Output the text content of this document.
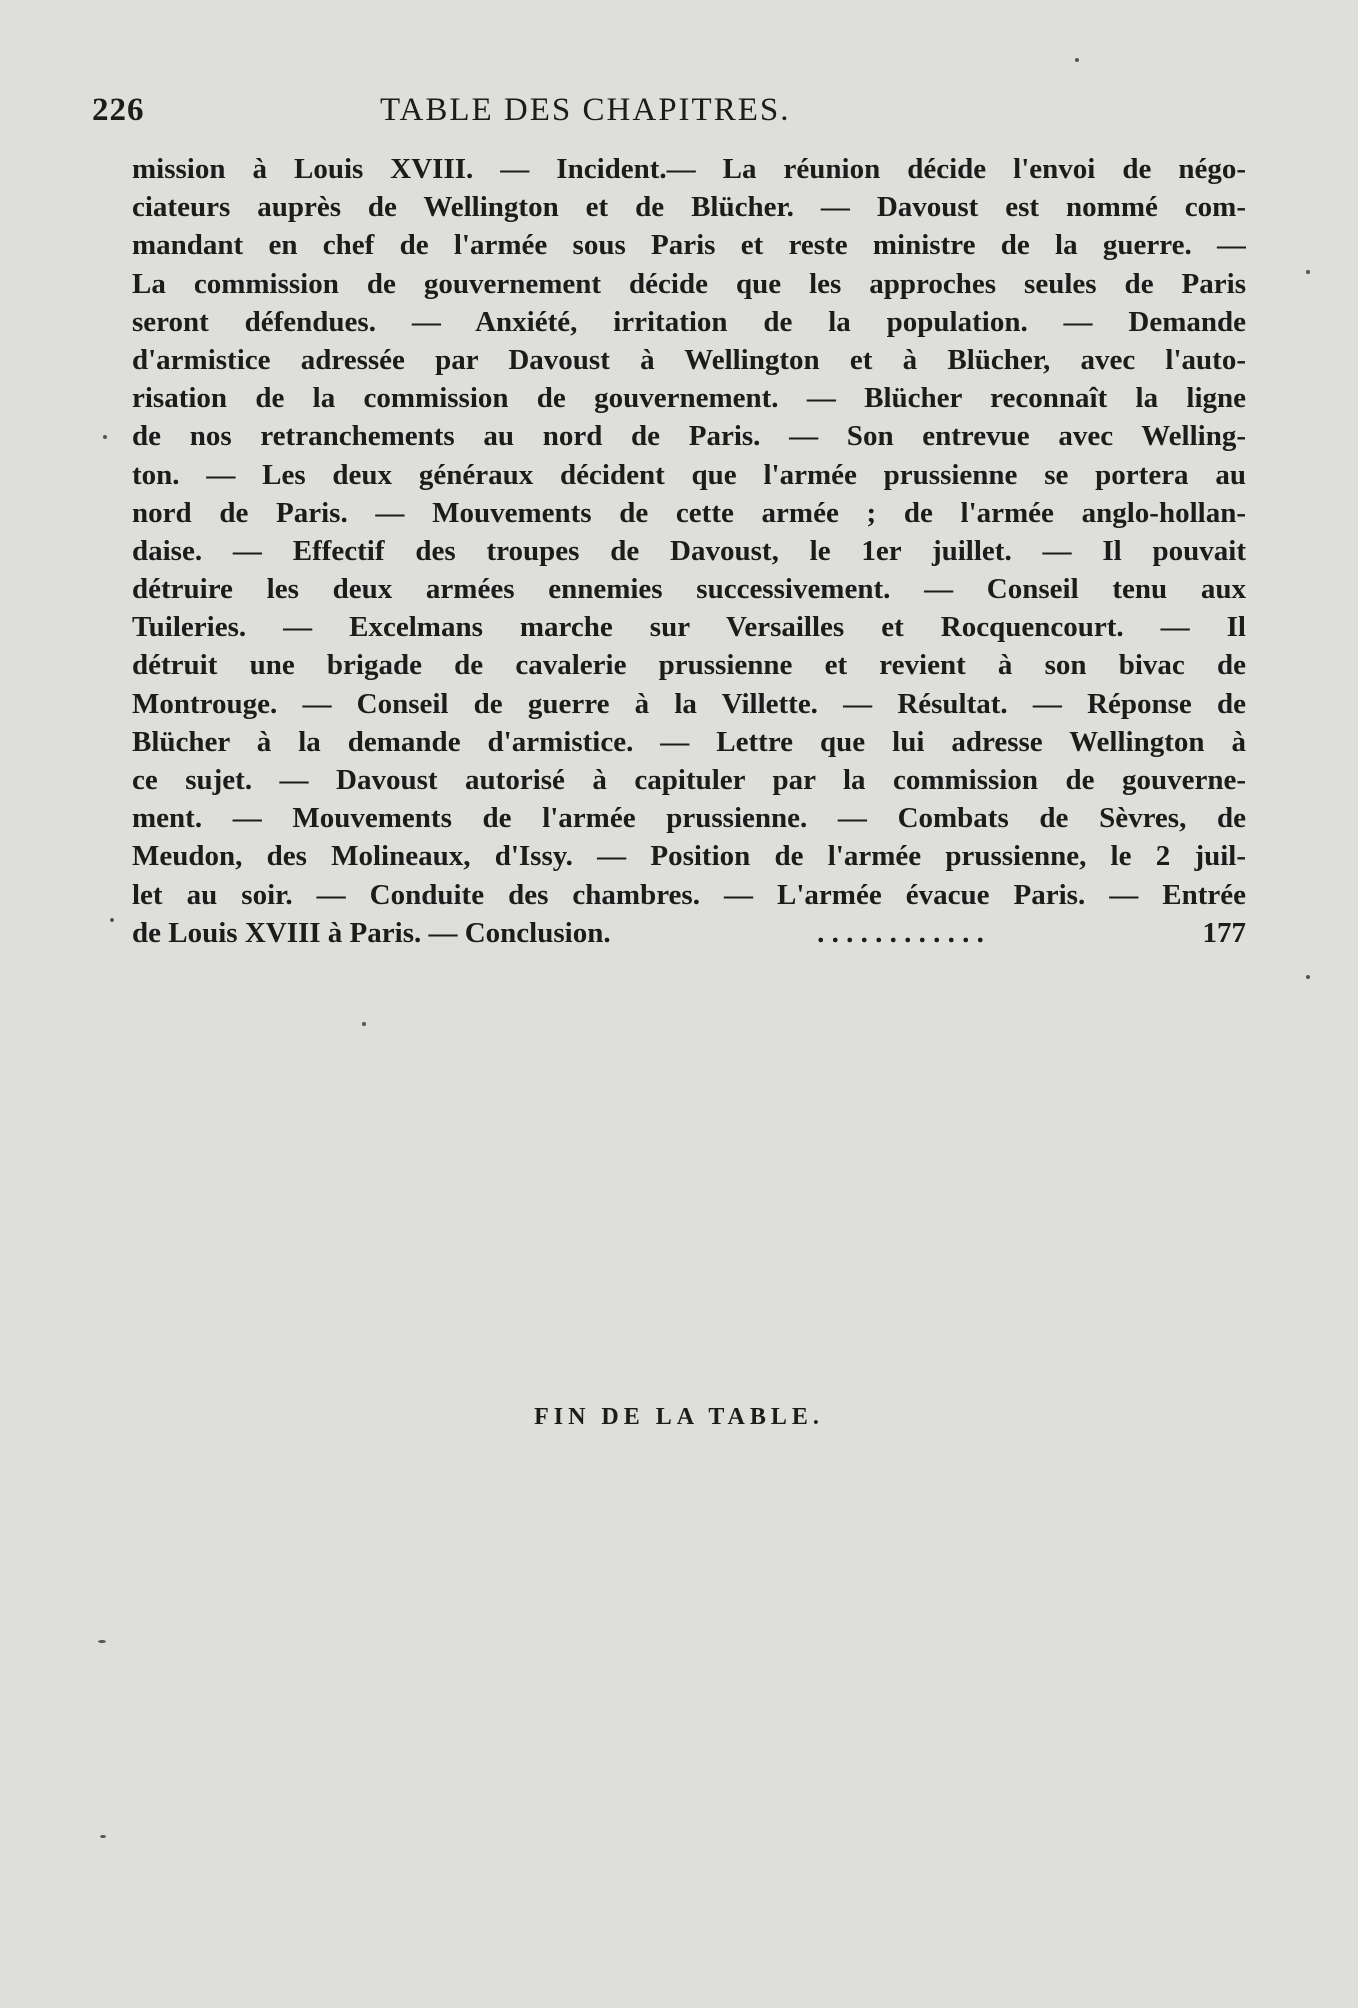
226	TABLE DES CHAPITRES.
mission à Louis XVIII. — Incident.— La réunion décide l'envoi de négo-
ciateurs auprès de Wellington et de Blücher. — Davoust est nommé com-
mandant en chef de l'armée sous Paris et reste ministre de la guerre. —
La commission de gouvernement décide que les approches seules de Paris
seront défendues. — Anxiété, irritation de la population. — Demande
d'armistice adressée par Davoust à Wellington et à Blücher, avec l'auto-
risation de la commission de gouvernement. — Blücher reconnaît la ligne
de nos retranchements au nord de Paris. — Son entrevue avec Welling-
ton. — Les deux généraux décident que l'armée prussienne se portera au
nord de Paris. — Mouvements de cette armée ; de l'armée anglo-hollan-
daise. — Effectif des troupes de Davoust, le 1er juillet. — Il pouvait
détruire les deux armées ennemies successivement. — Conseil tenu aux
Tuileries. — Excelmans marche sur Versailles et Rocquencourt. — Il
détruit une brigade de cavalerie prussienne et revient à son bivac de
Montrouge. — Conseil de guerre à la Villette. — Résultat. — Réponse de
Blücher à la demande d'armistice. — Lettre que lui adresse Wellington à
ce sujet. — Davoust autorisé à capituler par la commission de gouverne-
ment. — Mouvements de l'armée prussienne. — Combats de Sèvres, de
Meudon, des Molineaux, d'Issy. — Position de l'armée prussienne, le 2 juil-
let au soir. — Conduite des chambres. — L'armée évacue Paris. — Entrée
de Louis XVIII à Paris. — Conclusion.	. . . . . . . . . . . .	177
FIN DE LA TABLE.
